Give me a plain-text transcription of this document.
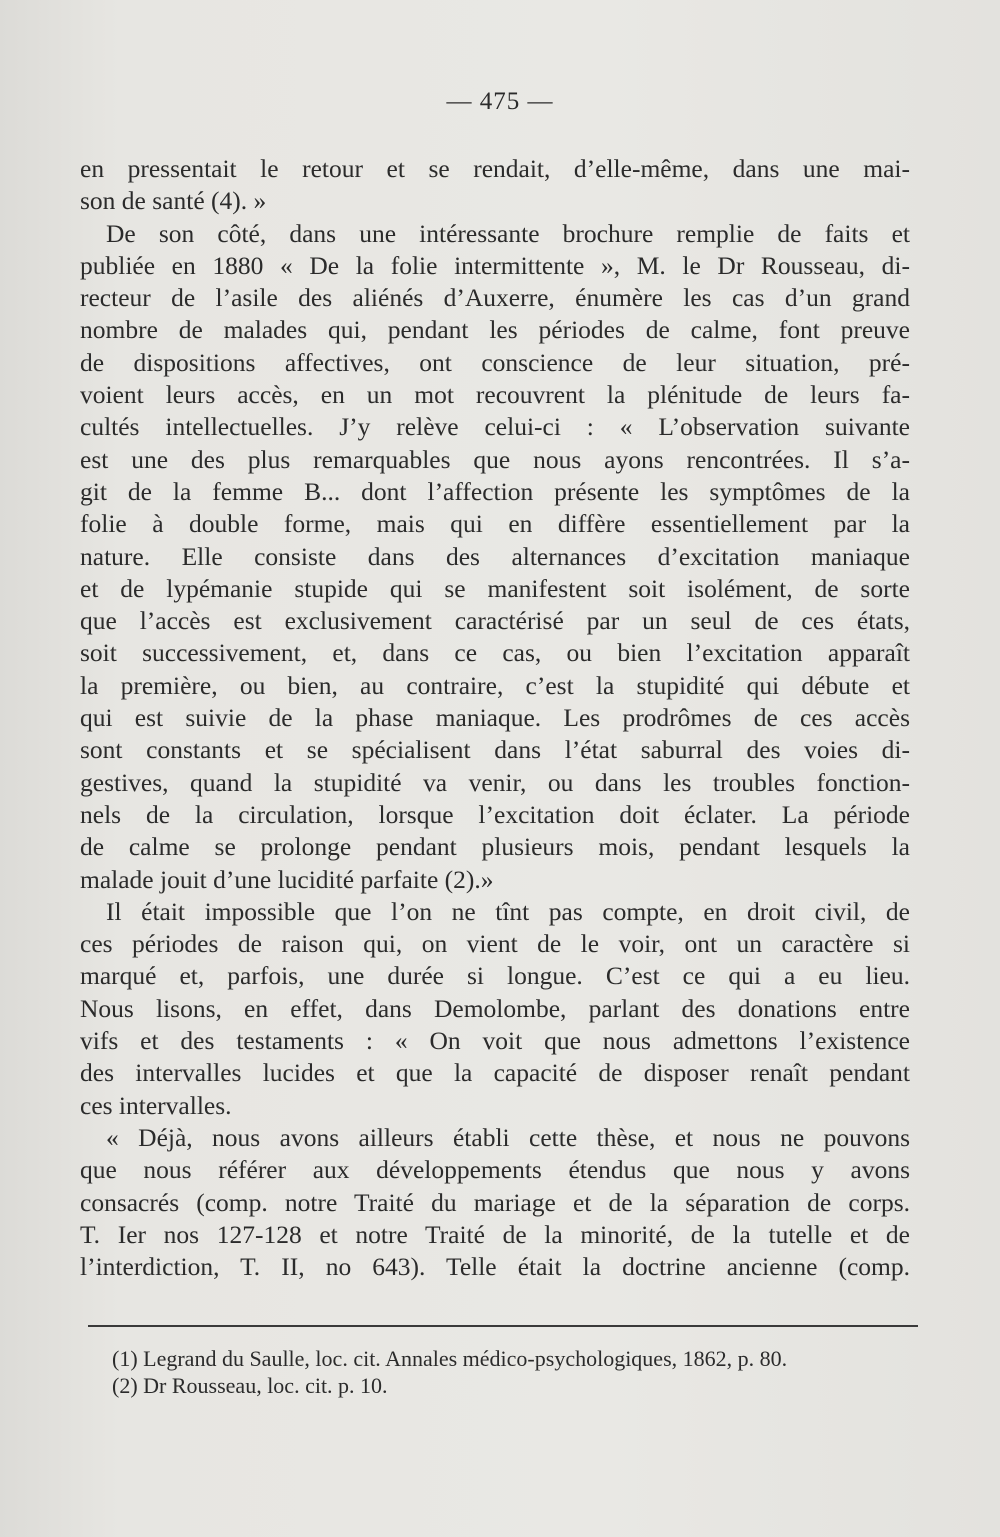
— 475 —
en pressentait le retour et se rendait, d’elle-même, dans une mai-
son de santé (4). »
De son côté, dans une intéressante brochure remplie de faits et
publiée en 1880 « De la folie intermittente », M. le Dr Rousseau, di-
recteur de l’asile des aliénés d’Auxerre, énumère les cas d’un grand
nombre de malades qui, pendant les périodes de calme, font preuve
de dispositions affectives, ont conscience de leur situation, pré-
voient leurs accès, en un mot recouvrent la plénitude de leurs fa-
cultés intellectuelles. J’y relève celui-ci : « L’observation suivante
est une des plus remarquables que nous ayons rencontrées. Il s’a-
git de la femme B... dont l’affection présente les symptômes de la
folie à double forme, mais qui en diffère essentiellement par la
nature. Elle consiste dans des alternances d’excitation maniaque
et de lypémanie stupide qui se manifestent soit isolément, de sorte
que l’accès est exclusivement caractérisé par un seul de ces états,
soit successivement, et, dans ce cas, ou bien l’excitation apparaît
la première, ou bien, au contraire, c’est la stupidité qui débute et
qui est suivie de la phase maniaque. Les prodrômes de ces accès
sont constants et se spécialisent dans l’état saburral des voies di-
gestives, quand la stupidité va venir, ou dans les troubles fonction-
nels de la circulation, lorsque l’excitation doit éclater. La période
de calme se prolonge pendant plusieurs mois, pendant lesquels la
malade jouit d’une lucidité parfaite (2).»
Il était impossible que l’on ne tînt pas compte, en droit civil, de
ces périodes de raison qui, on vient de le voir, ont un caractère si
marqué et, parfois, une durée si longue. C’est ce qui a eu lieu.
Nous lisons, en effet, dans Demolombe, parlant des donations entre
vifs et des testaments : « On voit que nous admettons l’existence
des intervalles lucides et que la capacité de disposer renaît pendant
ces intervalles.
« Déjà, nous avons ailleurs établi cette thèse, et nous ne pouvons
que nous référer aux développements étendus que nous y avons
consacrés (comp. notre Traité du mariage et de la séparation de corps.
T. Ier nos 127-128 et notre Traité de la minorité, de la tutelle et de
l’interdiction, T. II, no 643). Telle était la doctrine ancienne (comp.
(1) Legrand du Saulle, loc. cit. Annales médico-psychologiques, 1862, p. 80.
(2) Dr Rousseau, loc. cit. p. 10.
